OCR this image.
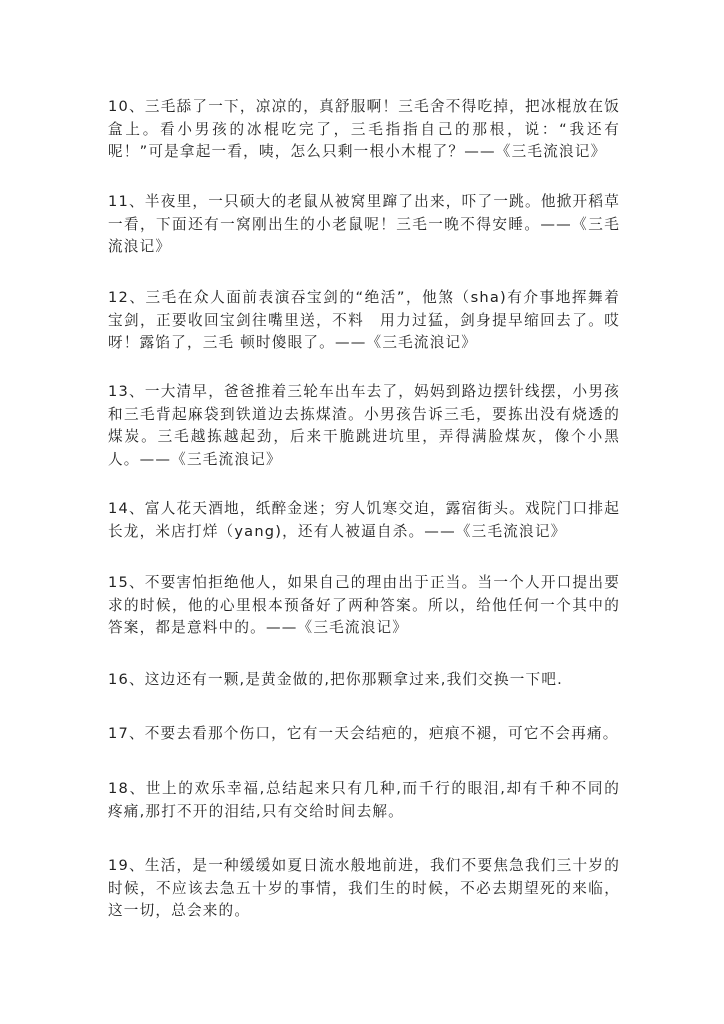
10、三毛舔了一下，凉凉的，真舒服啊！三毛舍不得吃掉，把冰棍放在饭盒上。看小男孩的冰棍吃完了，三毛指指自己的那根，说：“我还有呢！”可是拿起一看，咦，怎么只剩一根小木棍了？——《三毛流浪记》

11、半夜里，一只硕大的老鼠从被窝里蹿了出来，吓了一跳。他掀开稻草一看，下面还有一窝刚出生的小老鼠呢！三毛一晚不得安睡。——《三毛流浪记》

12、三毛在众人面前表演吞宝剑的“绝活”，他煞（sha)有介事地挥舞着宝剑，正要收回宝剑往嘴里送，不料　用力过猛，剑身提早缩回去了。哎呀！露馅了，三毛 顿时傻眼了。——《三毛流浪记》

13、一大清早，爸爸推着三轮车出车去了，妈妈到路边摆针线摆，小男孩和三毛背起麻袋到铁道边去拣煤渣。小男孩告诉三毛，要拣出没有烧透的煤炭。三毛越拣越起劲，后来干脆跳进坑里，弄得满脸煤灰，像个小黑人。——《三毛流浪记》

14、富人花天酒地，纸醉金迷；穷人饥寒交迫，露宿街头。戏院门口排起长龙，米店打烊（yang)，还有人被逼自杀。——《三毛流浪记》

15、不要害怕拒绝他人，如果自己的理由出于正当。当一个人开口提出要求的时候，他的心里根本预备好了两种答案。所以，给他任何一个其中的答案，都是意料中的。——《三毛流浪记》

16、这边还有一颗,是黄金做的,把你那颗拿过来,我们交换一下吧.

17、不要去看那个伤口，它有一天会结疤的，疤痕不褪，可它不会再痛。

18、世上的欢乐幸福,总结起来只有几种,而千行的眼泪,却有千种不同的疼痛,那打不开的泪结,只有交给时间去解。

19、生活，是一种缓缓如夏日流水般地前进，我们不要焦急我们三十岁的时候，不应该去急五十岁的事情，我们生的时候，不必去期望死的来临，这一切，总会来的。
